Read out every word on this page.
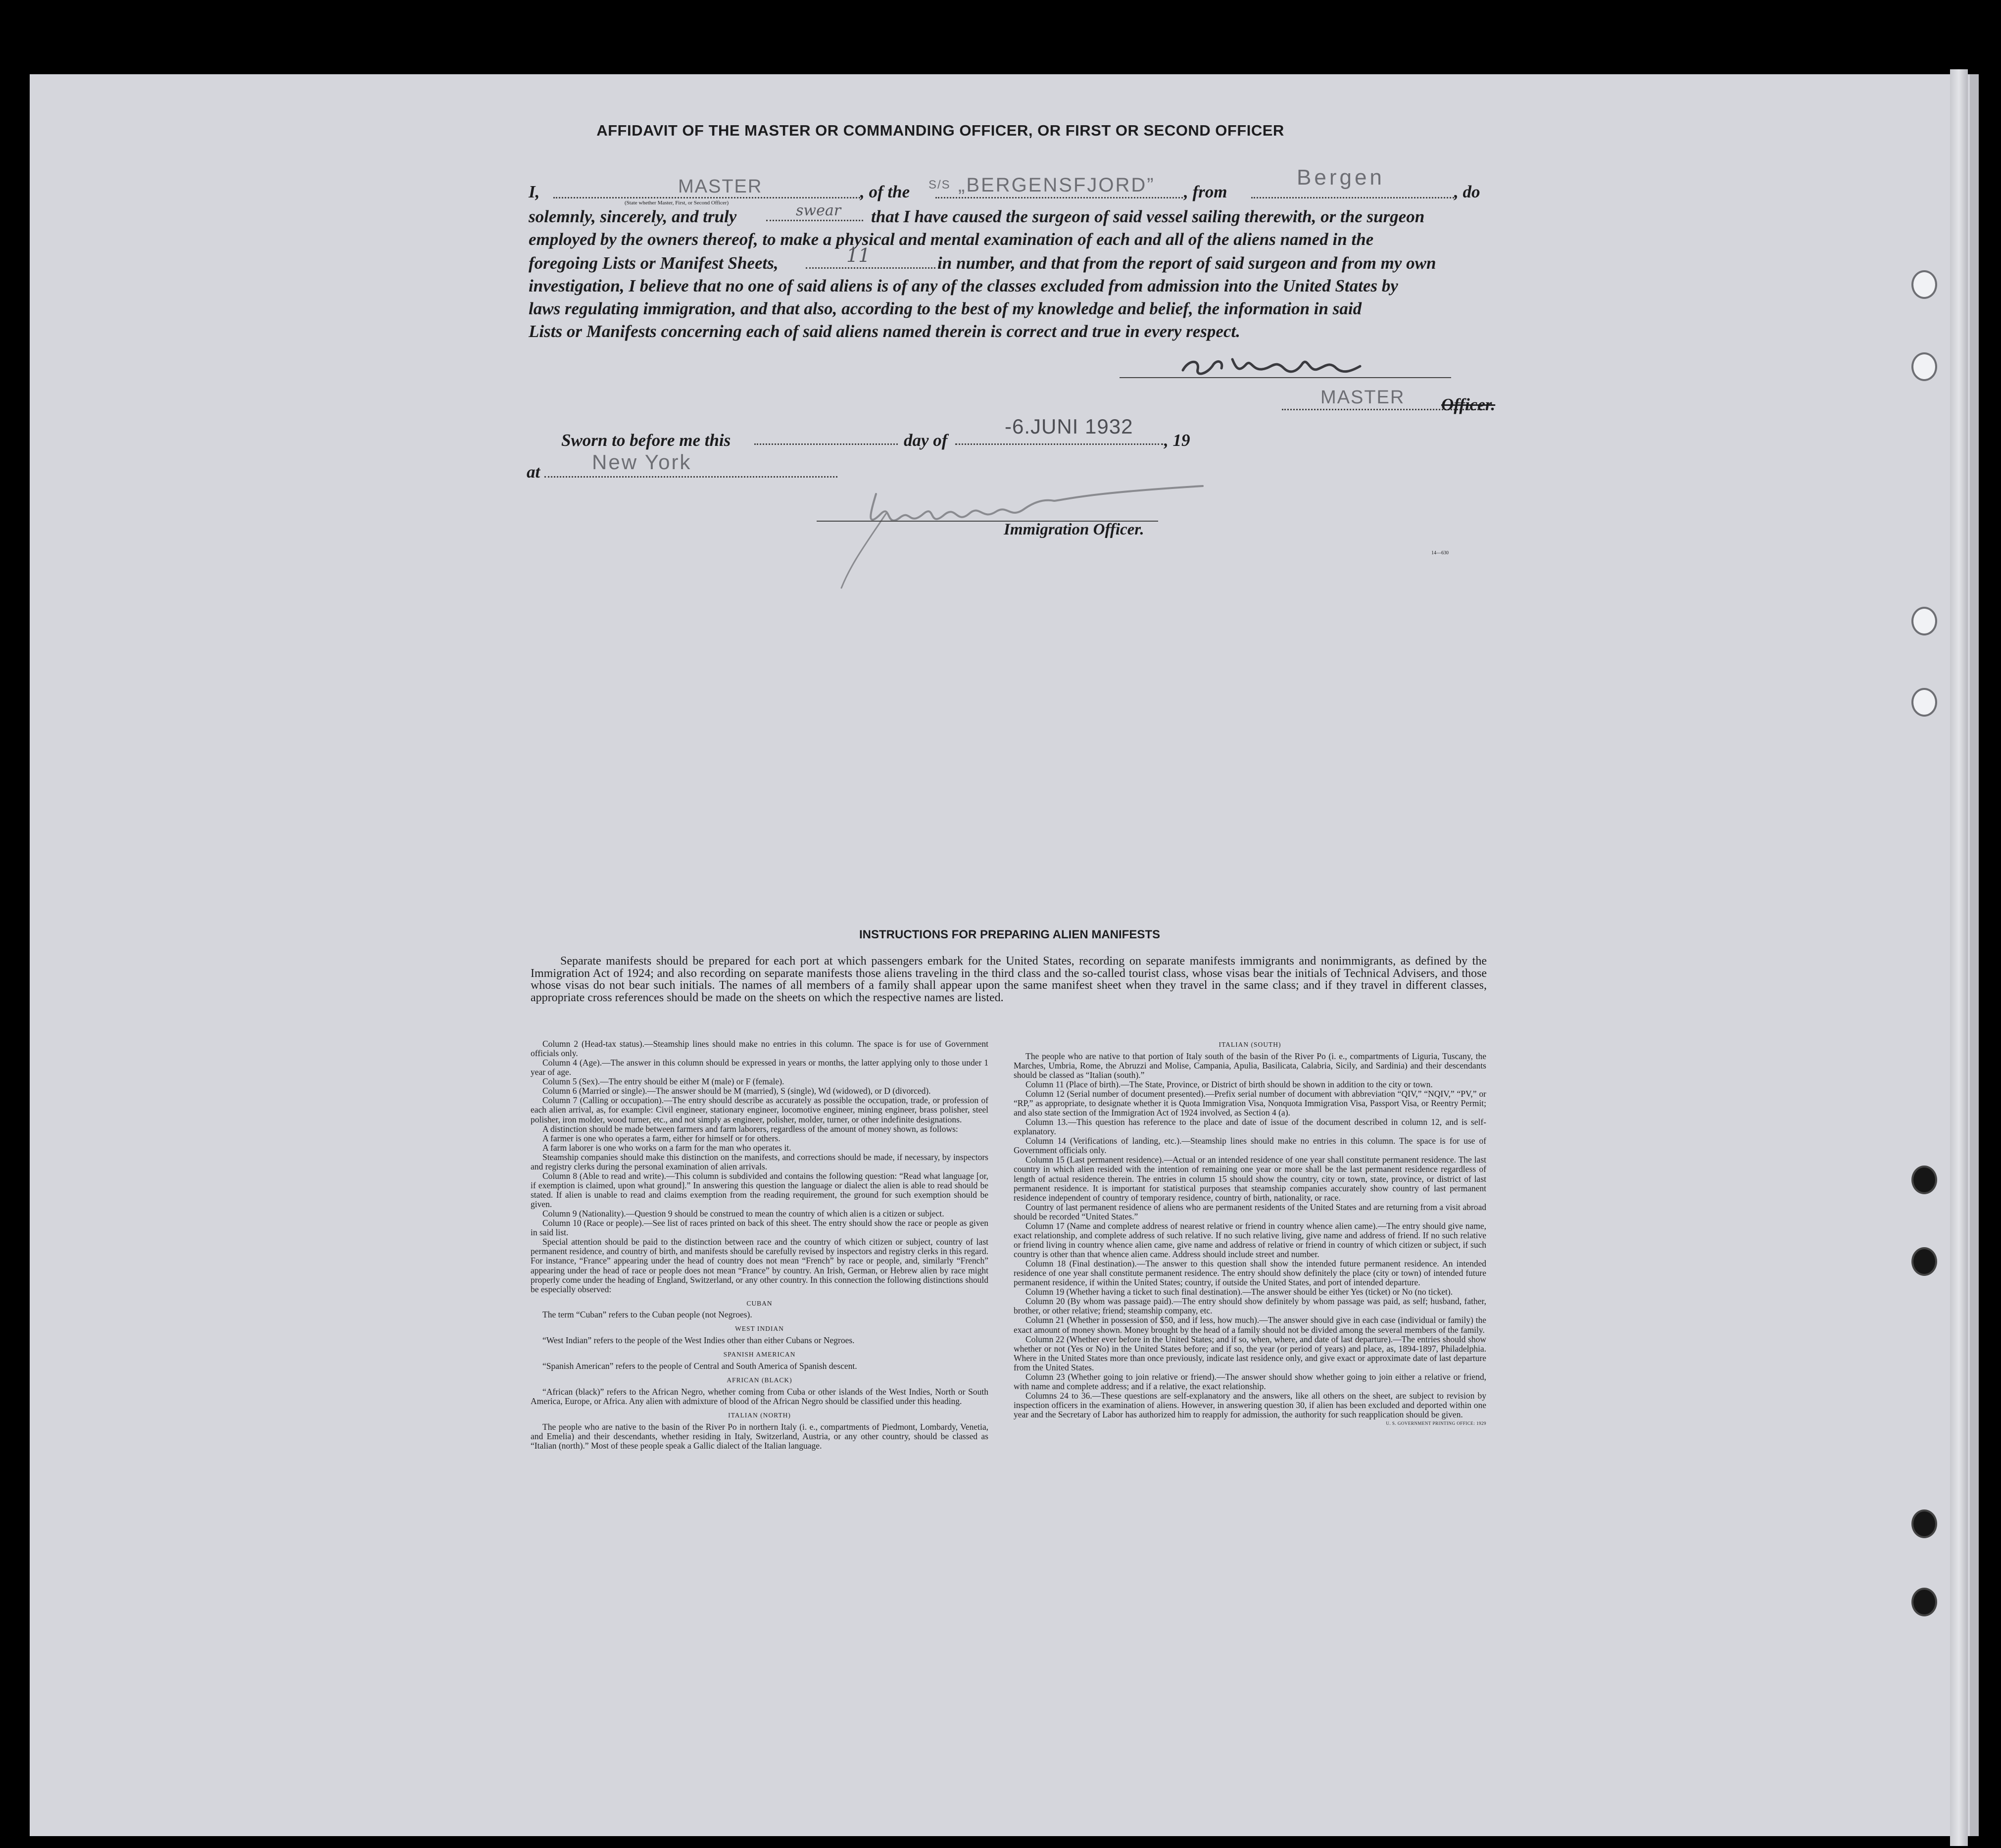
AFFIDAVIT OF THE MASTER OR COMMANDING OFFICER, OR FIRST OR SECOND OFFICER
I,	MASTER
(State whether Master, First, or Second Officer)
, of the S/S „BERGENSFJORD” , from
Bergen
, do
solemnly, sincerely, and truly	swear that I have caused the surgeon of said vessel sailing therewith, or the surgeon
employed by the owners thereof, to make a physical and mental examination of each and all of the aliens named in the
foregoing Lists or Manifest Sheets,	11	in number, and that from the report of said surgeon and from my own
investigation, I believe that no one of said aliens is of any of the classes excluded from admission into the United States by
laws regulating immigration, and that also, according to the best of my knowledge and belief, the information in said
Lists or Manifests concerning each of said aliens named therein is correct and true in every respect.
MASTER Officer.
Sworn to before me this	day of
-6.JUNI 1932
, 19
at New York
Immigration Officer.
14—630
INSTRUCTIONS FOR PREPARING ALIEN MANIFESTS

Separate manifests should be prepared for each port at which passengers embark for the United States, recording on separate manifests immigrants and nonimmigrants, as defined by the Immigration Act of 1924; and also recording on separate manifests those aliens traveling in the third class and the so-called tourist class, whose visas bear the initials of Technical Advisers, and those whose visas do not bear such initials. The names of all members of a family shall appear upon the same manifest sheet when they travel in the same class; and if they travel in different classes, appropriate cross references should be made on the sheets on which the respective names are listed.

Column 2 (Head-tax status).—Steamship lines should make no entries in this column. The space is for use of Government officials only.

Column 4 (Age).—The answer in this column should be expressed in years or months, the latter applying only to those under 1 year of age.

Column 5 (Sex).—The entry should be either M (male) or F (female).

Column 6 (Married or single).—The answer should be M (married), S (single), Wd (widowed), or D (divorced).

Column 7 (Calling or occupation).—The entry should describe as accurately as possible the occupation, trade, or profession of each alien arrival, as, for example: Civil engineer, stationary engineer, locomotive engineer, mining engineer, brass polisher, steel polisher, iron molder, wood turner, etc., and not simply as engineer, polisher, molder, turner, or other indefinite designations.

A distinction should be made between farmers and farm laborers, regardless of the amount of money shown, as follows:

A farmer is one who operates a farm, either for himself or for others.

A farm laborer is one who works on a farm for the man who operates it.

Steamship companies should make this distinction on the manifests, and corrections should be made, if necessary, by inspectors and registry clerks during the personal examination of alien arrivals.

Column 8 (Able to read and write).—This column is subdivided and contains the following question: “Read what language [or, if exemption is claimed, upon what ground].” In answering this question the language or dialect the alien is able to read should be stated. If alien is unable to read and claims exemption from the reading requirement, the ground for such exemption should be given.

Column 9 (Nationality).—Question 9 should be construed to mean the country of which alien is a citizen or subject.

Column 10 (Race or people).—See list of races printed on back of this sheet. The entry should show the race or people as given in said list.

Special attention should be paid to the distinction between race and the country of which citizen or subject, country of last permanent residence, and country of birth, and manifests should be carefully revised by inspectors and registry clerks in this regard. For instance, “France” appearing under the head of country does not mean “French” by race or people, and, similarly “French” appearing under the head of race or people does not mean “France” by country. An Irish, German, or Hebrew alien by race might properly come under the heading of England, Switzerland, or any other country. In this connection the following distinctions should be especially observed:

CUBAN

The term “Cuban” refers to the Cuban people (not Negroes).

WEST INDIAN

“West Indian” refers to the people of the West Indies other than either Cubans or Negroes.

SPANISH AMERICAN

“Spanish American” refers to the people of Central and South America of Spanish descent.

AFRICAN (BLACK)

“African (black)” refers to the African Negro, whether coming from Cuba or other islands of the West Indies, North or South America, Europe, or Africa. Any alien with admixture of blood of the African Negro should be classified under this heading.

ITALIAN (NORTH)

The people who are native to the basin of the River Po in northern Italy (i. e., compartments of Piedmont, Lombardy, Venetia, and Emelia) and their descendants, whether residing in Italy, Switzerland, Austria, or any other country, should be classed as “Italian (north).” Most of these people speak a Gallic dialect of the Italian language.

ITALIAN (SOUTH)

The people who are native to that portion of Italy south of the basin of the River Po (i. e., compartments of Liguria, Tuscany, the Marches, Umbria, Rome, the Abruzzi and Molise, Campania, Apulia, Basilicata, Calabria, Sicily, and Sardinia) and their descendants should be classed as “Italian (south).”

Column 11 (Place of birth).—The State, Province, or District of birth should be shown in addition to the city or town.

Column 12 (Serial number of document presented).—Prefix serial number of document with abbreviation “QIV,” “NQIV,” “PV,” or “RP,” as appropriate, to designate whether it is Quota Immigration Visa, Nonquota Immigration Visa, Passport Visa, or Reentry Permit; and also state section of the Immigration Act of 1924 involved, as Section 4 (a).

Column 13.—This question has reference to the place and date of issue of the document described in column 12, and is self-explanatory.

Column 14 (Verifications of landing, etc.).—Steamship lines should make no entries in this column. The space is for use of Government officials only.

Column 15 (Last permanent residence).—Actual or an intended residence of one year shall constitute permanent residence. The last country in which alien resided with the intention of remaining one year or more shall be the last permanent residence regardless of length of actual residence therein. The entries in column 15 should show the country, city or town, state, province, or district of last permanent residence. It is important for statistical purposes that steamship companies accurately show country of last permanent residence independent of country of temporary residence, country of birth, nationality, or race.

Country of last permanent residence of aliens who are permanent residents of the United States and are returning from a visit abroad should be recorded “United States.”

Column 17 (Name and complete address of nearest relative or friend in country whence alien came).—The entry should give name, exact relationship, and complete address of such relative. If no such relative living, give name and address of friend. If no such relative or friend living in country whence alien came, give name and address of relative or friend in country of which citizen or subject, if such country is other than that whence alien came. Address should include street and number.

Column 18 (Final destination).—The answer to this question shall show the intended future permanent residence. An intended residence of one year shall constitute permanent residence. The entry should show definitely the place (city or town) of intended future permanent residence, if within the United States; country, if outside the United States, and port of intended departure.

Column 19 (Whether having a ticket to such final destination).—The answer should be either Yes (ticket) or No (no ticket).

Column 20 (By whom was passage paid).—The entry should show definitely by whom passage was paid, as self; husband, father, brother, or other relative; friend; steamship company, etc.

Column 21 (Whether in possession of $50, and if less, how much).—The answer should give in each case (individual or family) the exact amount of money shown. Money brought by the head of a family should not be divided among the several members of the family.

Column 22 (Whether ever before in the United States; and if so, when, where, and date of last departure).—The entries should show whether or not (Yes or No) in the United States before; and if so, the year (or period of years) and place, as, 1894-1897, Philadelphia. Where in the United States more than once previously, indicate last residence only, and give exact or approximate date of last departure from the United States.

Column 23 (Whether going to join relative or friend).—The answer should show whether going to join either a relative or friend, with name and complete address; and if a relative, the exact relationship.

Columns 24 to 36.—These questions are self-explanatory and the answers, like all others on the sheet, are subject to revision by inspection officers in the examination of aliens. However, in answering question 30, if alien has been excluded and deported within one year and the Secretary of Labor has authorized him to reapply for admission, the authority for such reapplication should be given.

U. S. GOVERNMENT PRINTING OFFICE: 1929
